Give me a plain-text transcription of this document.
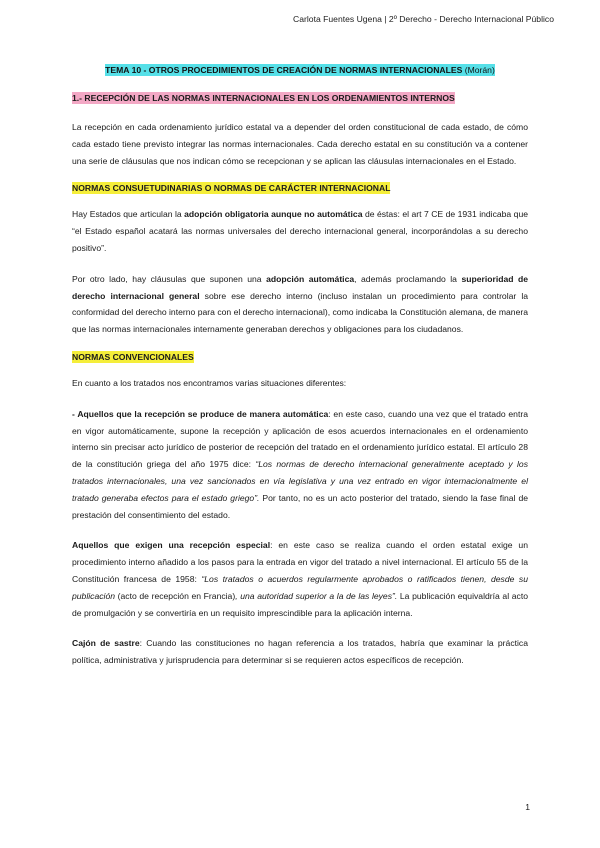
Carlota Fuentes Ugena | 2º Derecho - Derecho Internacional Público
TEMA 10 - OTROS PROCEDIMIENTOS DE CREACIÓN DE NORMAS INTERNACIONALES (Morán)
1.- RECEPCIÓN DE LAS NORMAS INTERNACIONALES EN LOS ORDENAMIENTOS INTERNOS

La recepción en cada ordenamiento jurídico estatal va a depender del orden constitucional de cada estado, de cómo cada estado tiene previsto integrar las normas internacionales. Cada derecho estatal en su constitución va a contener una serie de cláusulas que nos indican cómo se recepcionan y se aplican las cláusulas internacionales en el Estado.

NORMAS CONSUETUDINARIAS O NORMAS DE CARÁCTER INTERNACIONAL

Hay Estados que articulan la adopción obligatoria aunque no automática de éstas: el art 7 CE de 1931 indicaba que “el Estado español acatará las normas universales del derecho internacional general, incorporándolas a su derecho positivo”.

Por otro lado, hay cláusulas que suponen una adopción automática, además proclamando la superioridad de derecho internacional general sobre ese derecho interno (incluso instalan un procedimiento para controlar la conformidad del derecho interno para con el derecho internacional), como indicaba la Constitución alemana, de manera que las normas internacionales internamente generaban derechos y obligaciones para los ciudadanos.

NORMAS CONVENCIONALES

En cuanto a los tratados nos encontramos varias situaciones diferentes:

- Aquellos que la recepción se produce de manera automática: en este caso, cuando una vez que el tratado entra en vigor automáticamente, supone la recepción y aplicación de esos acuerdos internacionales en el ordenamiento interno sin precisar acto jurídico de posterior de recepción del tratado en el ordenamiento jurídico estatal. El artículo 28 de la constitución griega del año 1975 dice: “Los normas de derecho internacional generalmente aceptado y los tratados internacionales, una vez sancionados en vía legislativa y una vez entrado en vigor internacionalmente el tratado generaba efectos para el estado griego”. Por tanto, no es un acto posterior del tratado, siendo la fase final de prestación del consentimiento del estado.

Aquellos que exigen una recepción especial: en este caso se realiza cuando el orden estatal exige un procedimiento interno añadido a los pasos para la entrada en vigor del tratado a nivel internacional. El artículo 55 de la Constitución francesa de 1958: “Los tratados o acuerdos regularmente aprobados o ratificados tienen, desde su publicación (acto de recepción en Francia), una autoridad superior a la de las leyes”. La publicación equivaldría al acto de promulgación y se convertiría en un requisito imprescindible para la aplicación interna.

Cajón de sastre: Cuando las constituciones no hagan referencia a los tratados, habría que examinar la práctica política, administrativa y jurisprudencia para determinar si se requieren actos específicos de recepción.

1
